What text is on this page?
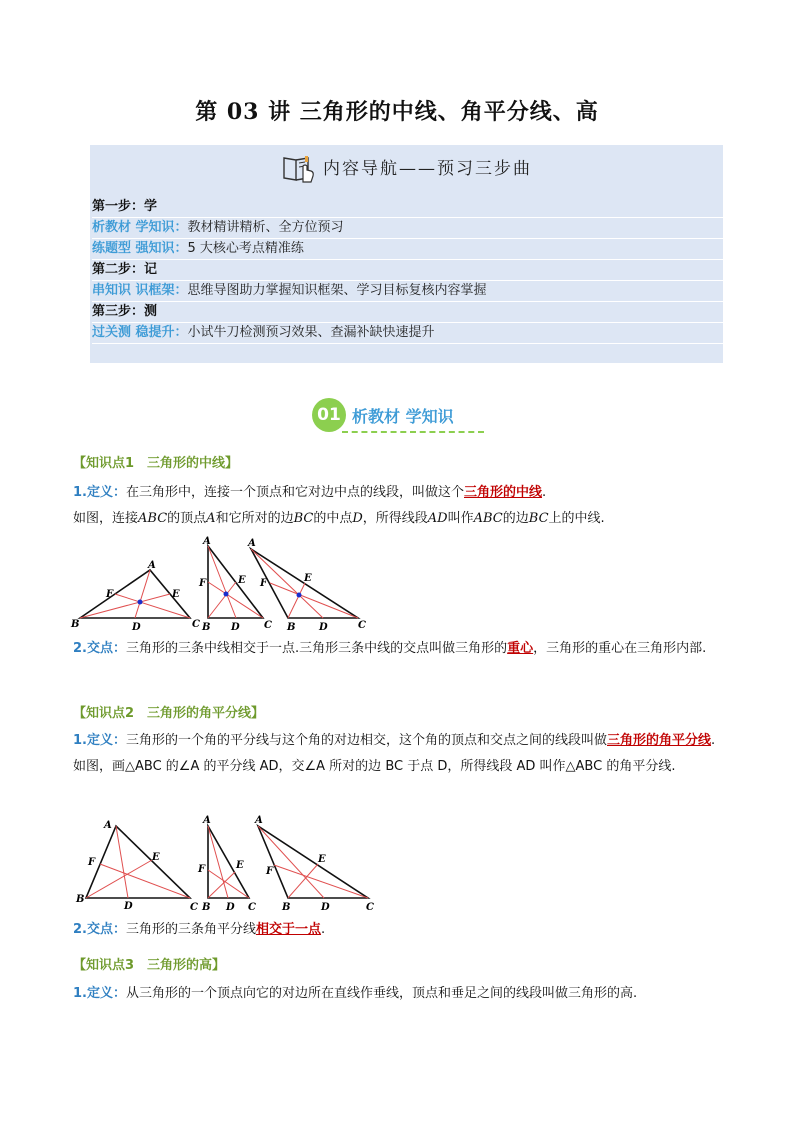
第 03 讲 三角形的中线、角平分线、高
内容导航——预习三步曲
第一步：学
析教材 学知识：教材精讲精析、全方位预习
练题型 强知识：5 大核心考点精准练
第二步：记
串知识 识框架：思维导图助力掌握知识框架、学习目标复核内容掌握
第三步：测
过关测 稳提升：小试牛刀检测预习效果、查漏补缺快速提升
01 析教材 学知识
【知识点1　三角形的中线】
1.定义：在三角形中，连接一个顶点和它对边中点的线段，叫做这个三角形的中线.
如图，连接ABC的顶点A和它所对的边BC的中点D，所得线段AD叫作ABC的边BC上的中线.
A
B	C
D
E
F
A
B	C
D
E
F
A
B	C
D
E
F
2.交点：三角形的三条中线相交于一点.三角形三条中线的交点叫做三角形的重心，三角形的重心在三角形内部.
【知识点2　三角形的角平分线】
1.定义：三角形的一个角的平分线与这个角的对边相交，这个角的顶点和交点之间的线段叫做三角形的角平分线. 如图，画△ABC 的∠A 的平分线 AD，交∠A 所对的边 BC 于点 D，所得线段 AD 叫作△ABC 的角平分线.
A
B
C
D
E
F
A
B	C
D
E
F
A
B	C
D
E
F
2.交点：三角形的三条角平分线相交于一点.
【知识点3　三角形的高】
1.定义：从三角形的一个顶点向它的对边所在直线作垂线，顶点和垂足之间的线段叫做三角形的高.
